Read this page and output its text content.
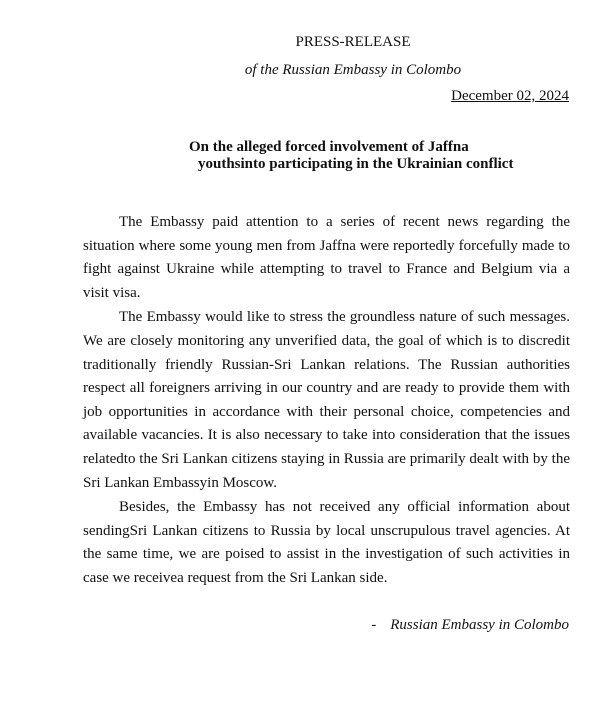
PRESS-RELEASE
of the Russian Embassy in Colombo
December 02, 2024
On the alleged forced involvement of Jaffna
youthsinto participating in the Ukrainian conflict

The Embassy paid attention to a series of recent news regarding the situation where some young men from Jaffna were reportedly forcefully made to fight against Ukraine while attempting to travel to France and Belgium via a visit visa.

The Embassy would like to stress the groundless nature of such messages. We are closely monitoring any unverified data, the goal of which is to discredit traditionally friendly Russian-Sri Lankan relations. The Russian authorities respect all foreigners arriving in our country and are ready to provide them with job opportunities in accordance with their personal choice, competencies and available vacancies. It is also necessary to take into consideration that the issues relatedto the Sri Lankan citizens staying in Russia are primarily dealt with by the Sri Lankan Embassyin Moscow.

Besides, the Embassy has not received any official information about sendingSri Lankan citizens to Russia by local unscrupulous travel agencies. At the same time, we are poised to assist in the investigation of such activities in case we receivea request from the Sri Lankan side.

- Russian Embassy in Colombo
